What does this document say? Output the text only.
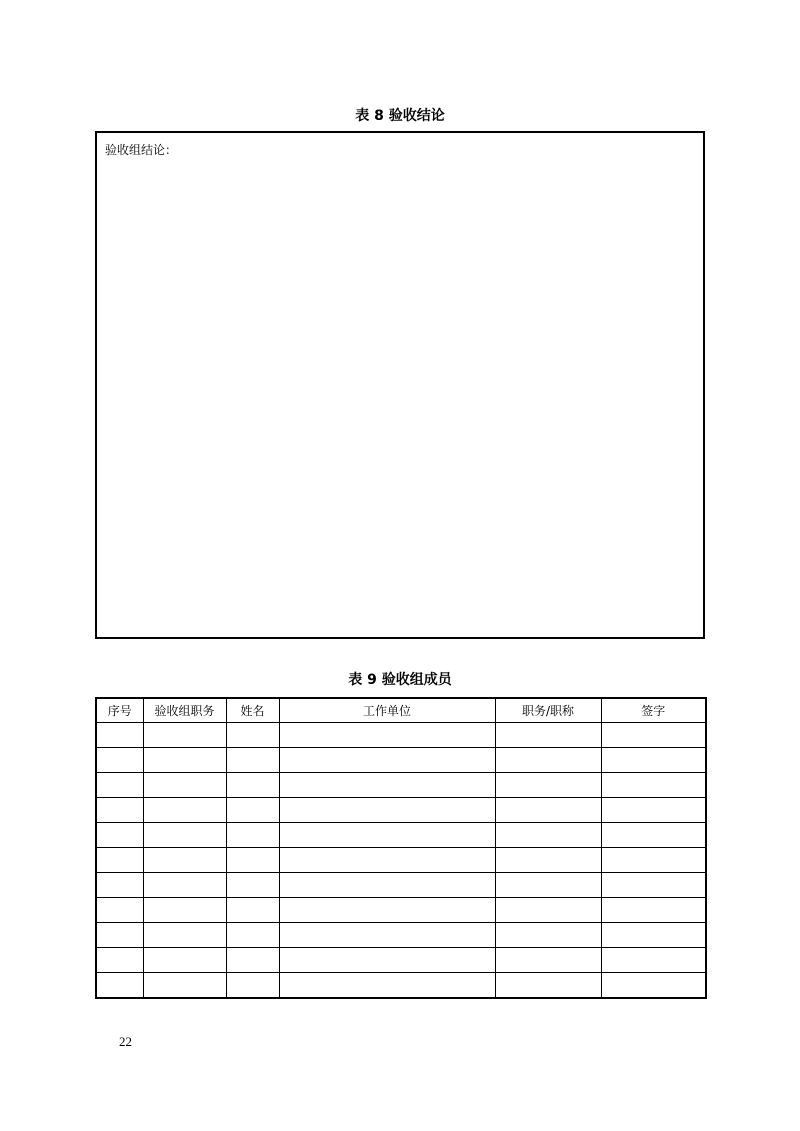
表 8 验收结论
验收组结论：
表 9 验收组成员
序号	验收组职务	姓名	工作单位	职务/职称	签字

22
